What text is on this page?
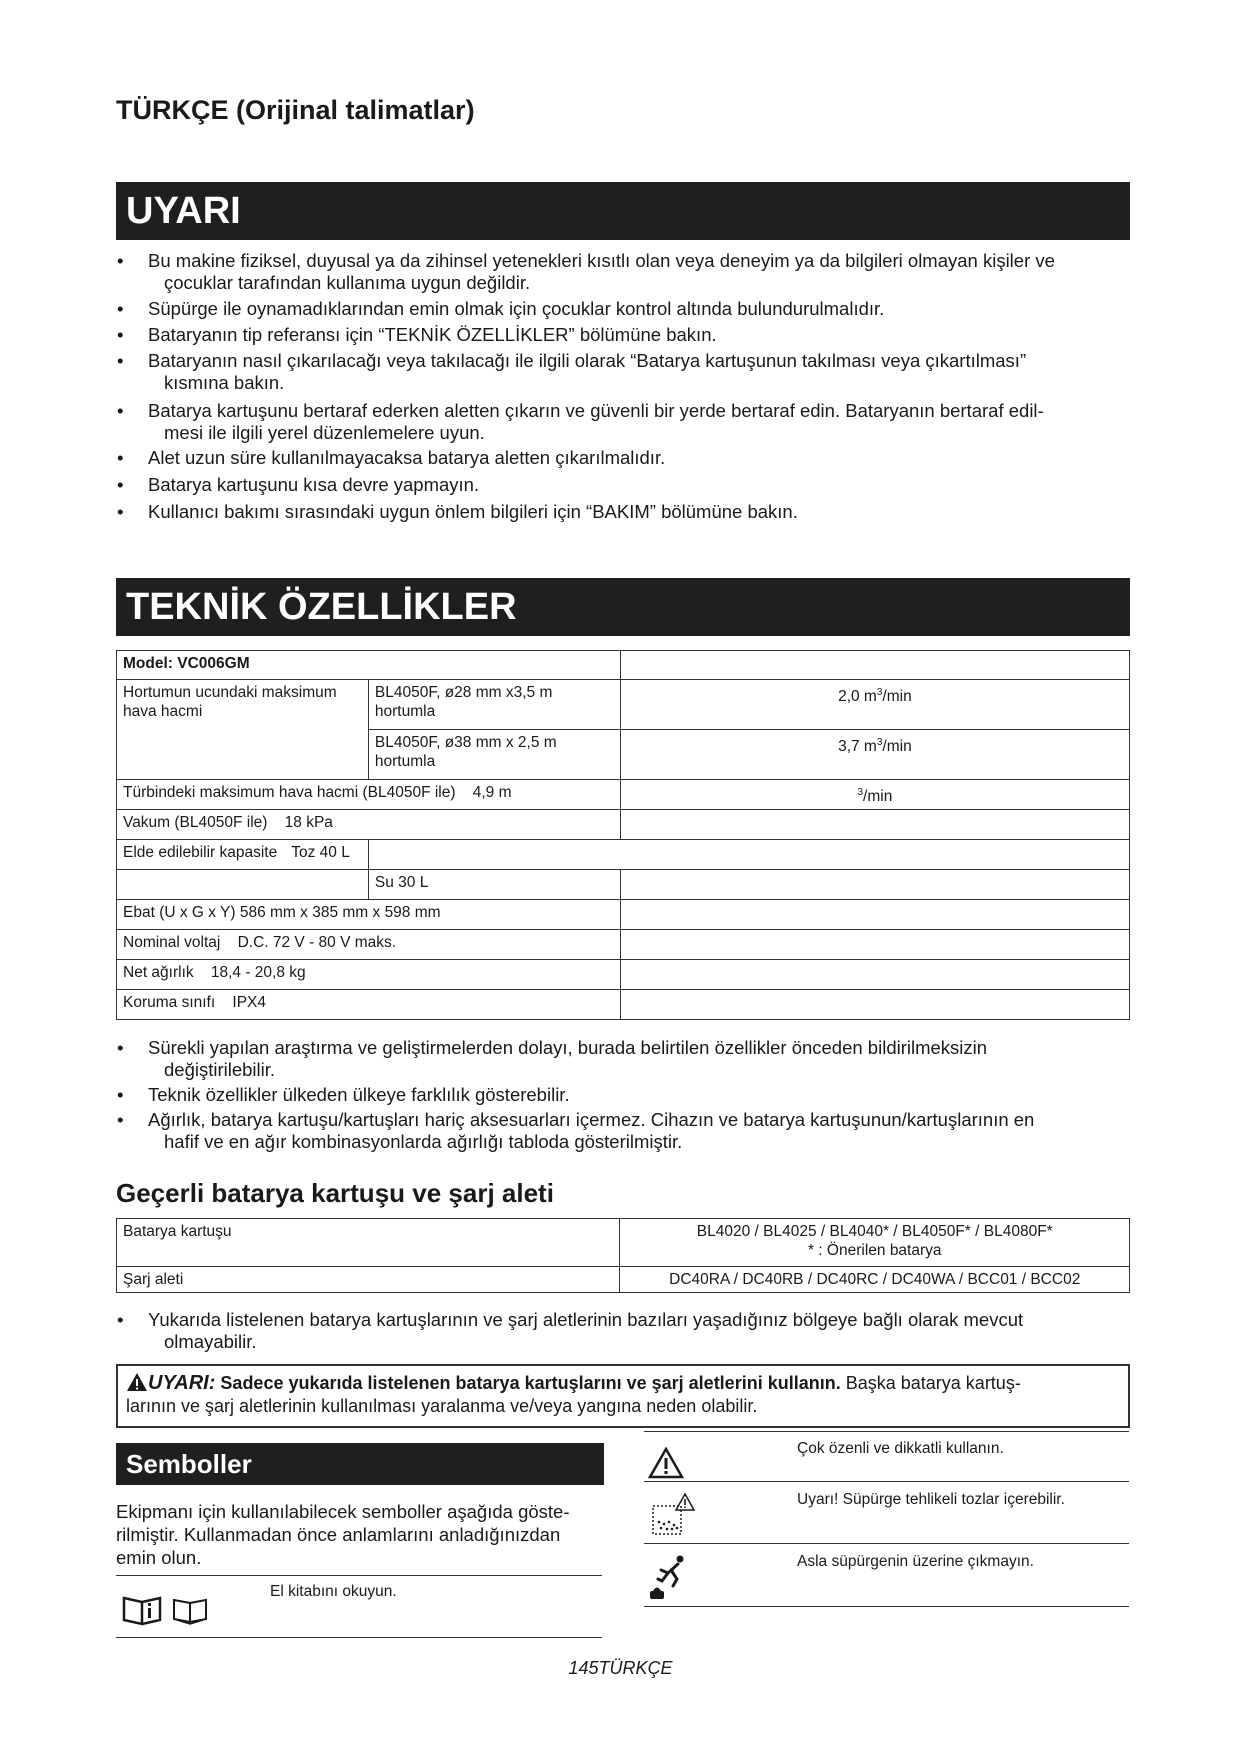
TÜRKÇE (Orijinal talimatlar)
UYARI
• Bu makine fiziksel, duyusal ya da zihinsel yetenekleri kısıtlı olan veya deneyim ya da bilgileri olmayan kişiler ve
çocuklar tarafından kullanıma uygun değildir.
• Süpürge ile oynamadıklarından emin olmak için çocuklar kontrol altında bulundurulmalıdır.
• Bataryanın tip referansı için “TEKNİK ÖZELLİKLER” bölümüne bakın.
• Bataryanın nasıl çıkarılacağı veya takılacağı ile ilgili olarak “Batarya kartuşunun takılması veya çıkartılması”
kısmına bakın.
• Batarya kartuşunu bertaraf ederken aletten çıkarın ve güvenli bir yerde bertaraf edin. Bataryanın bertaraf edil-
mesi ile ilgili yerel düzenlemelere uyun.
• Alet uzun süre kullanılmayacaksa batarya aletten çıkarılmalıdır.
• Batarya kartuşunu kısa devre yapmayın.
• Kullanıcı bakımı sırasındaki uygun önlem bilgileri için “BAKIM” bölümüne bakın.
TEKNİK ÖZELLİKLER
Model: VC006GM		
Hortumun ucundaki maksimum hava hacmi	BL4050F, ø28 mm x3,5 m hortumla	2,0 $m^3/\min$
	BL4050F, ø38 mm x 2,5 m hortumla	3,7 $m^3/\min$
Türbindeki maksimum hava hacmi (BL4050F ile)    4,9 m		$^3$/min
Vakum (BL4050F ile)    18 kPa		
Elde edilebilir kapasite Toz 40 L		
	Su 30 L	
Ebat (U x G x Y) 586 mm x 385 mm x 598 mm		
Nominal voltaj    D.C. 72 V - 80 V maks.		
Net ağırlık    18,4 - 20,8 kg		
Koruma sınıfı    IPX4		
• Sürekli yapılan araştırma ve geliştirmelerden dolayı, burada belirtilen özellikler önceden bildirilmeksizin
değiştirilebilir.
• Teknik özellikler ülkeden ülkeye farklılık gösterebilir.
• Ağırlık, batarya kartuşu/kartuşları hariç aksesuarları içermez. Cihazın ve batarya kartuşunun/kartuşlarının en
hafif ve en ağır kombinasyonlarda ağırlığı tabloda gösterilmiştir.
Geçerli batarya kartuşu ve şarj aleti
Batarya kartuşu	BL4020 / BL4025 / BL4040* / BL4050F* / BL4080F*
* : Önerilen batarya

Şarj aleti	DC40RA / DC40RB / DC40RC / DC40WA / BCC01 / BCC02
• Yukarıda listelenen batarya kartuşlarının ve şarj aletlerinin bazıları yaşadığınız bölgeye bağlı olarak mevcut
olmayabilir.
UYARI: Sadece yukarıda listelenen batarya kartuşlarını ve şarj aletlerini kullanın. Başka batarya kartuş-
larının ve şarj aletlerinin kullanılması yaralanma ve/veya yangına neden olabilir.
Semboller
Ekipmanı için kullanılabilecek semboller aşağıda göste-
rilmiştir. Kullanmadan önce anlamlarını anladığınızdan
emin olun.
El kitabını okuyun.
Çok özenli ve dikkatli kullanın.
Uyarı! Süpürge tehlikeli tozlar içerebilir.
Asla süpürgenin üzerine çıkmayın.
145TÜRKÇE
